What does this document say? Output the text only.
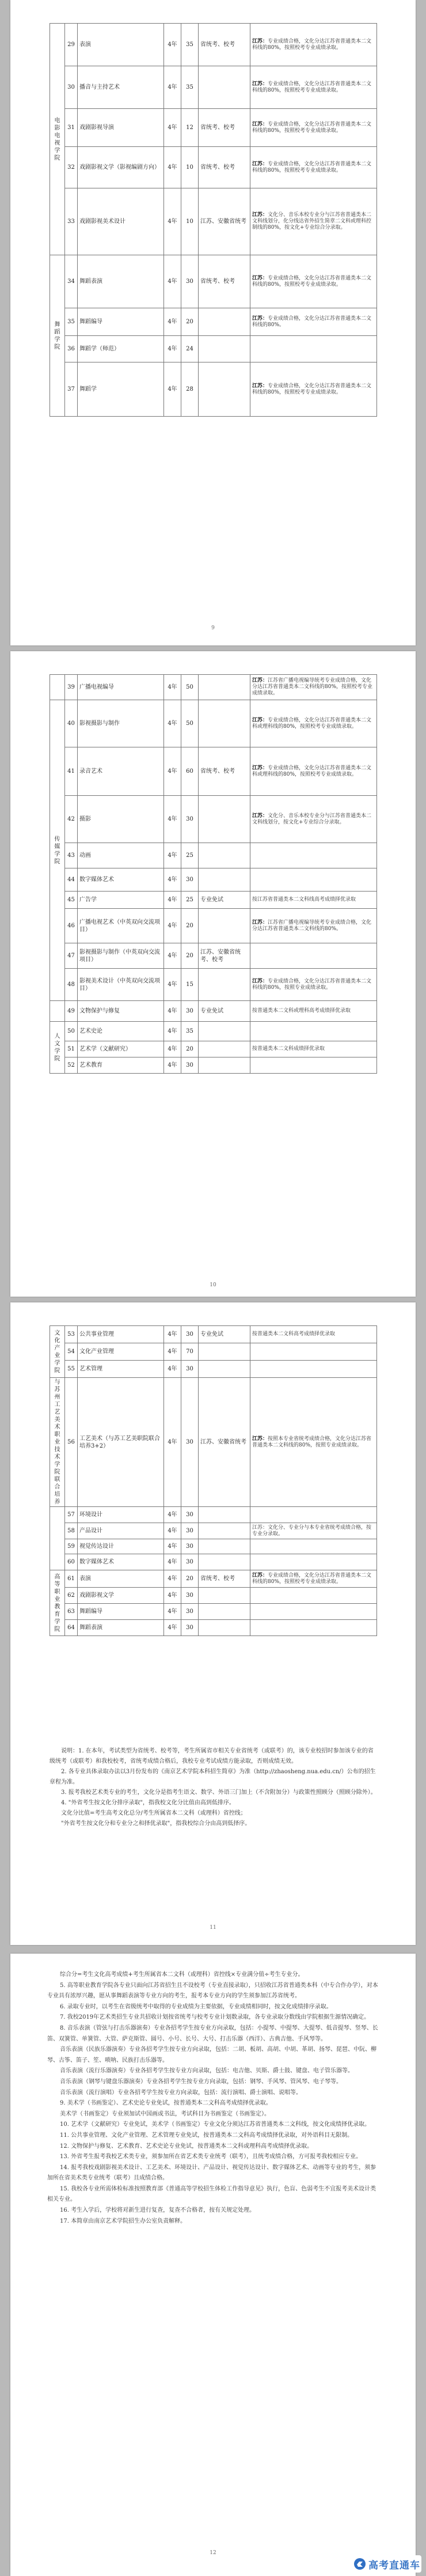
电影电视学院	29	表演	4年	35	省统考、校考	江苏：专业成绩合格，文化分达江苏省普通类本二文科线的80%，按照校考专业成绩录取。
	30	播音与主持艺术	4年	35		江苏：专业成绩合格，文化分达江苏省普通类本二文科线的80%，按照校考专业成绩录取。
	31	戏剧影视导演	4年	12	省统考、校考	江苏：专业成绩合格，文化分达江苏省普通类本二文科线的80%，按照校考专业成绩录取。
	32	戏剧影视文学（影视编剧方向）	4年	10	省统考、校考	江苏：专业成绩合格，文化分达江苏省普通类本二文科线的80%，按照校考专业成绩录取。
	33	戏剧影视美术设计	4年	10	江苏、安徽省统考	江苏：文化分、音乐本校专业分与江苏省普通类本二文科线划分，化分线达省外招生简章二文科或理科控制线的80%，按文化+专业综合分录取。
舞蹈学院	34	舞蹈表演	4年	30	省统考、校考	江苏：专业成绩合格，文化分达江苏省普通类本二文科线的80%，按照校考专业成绩录取。
	35	舞蹈编导	4年	20		江苏：专业成绩合格，文化分达江苏省普通类本二文科线的80%。
	36	舞蹈学（师范）	4年	24		
	37	舞蹈学	4年	28		江苏：专业成绩合格，文化分达江苏省普通类本二文科线的80%，按照校考专业成绩录取。
9
	39	广播电视编导	4年	50		江苏：江苏省广播电视编导统考专业成绩合格，文化分达江苏省普通类本二文科线的80%，按照校考专业成绩录取。
传媒学院	40	影视摄影与制作	4年	50		江苏：专业成绩合格，文化分达江苏省普通类本二文科或理科线的80%，按照校考专业成绩录取。
	41	录音艺术	4年	60	省统考、校考	江苏：专业成绩合格，文化分达江苏省普通类本二文科或理科线的80%，按照校考专业成绩录取。
	42	摄影	4年	30		江苏：文化分、音乐本校专业分与江苏省普通类本二文科线划分，按文化+专业综合分录取。
	43	动画	4年	25		
	44	数字媒体艺术	4年	30		
	45	广告学	4年	25	专业免试	按江苏省普通类本二文科线高考成绩择优录取
	46	广播电视艺术（中英双向交流项目）	4年	20		江苏：江苏省广播电视编导统考专业成绩合格，文化分达江苏省普通类本二文科线的80%。
	47	影视摄影与制作（中英双向交流项目）	4年	20	江苏、安徽省统考、校考	
	48	影视美术设计（中英双向交流项目）	4年	15		江苏：专业成绩合格，文化分达江苏省普通类本二文科线的80%，按照专业成绩录取。
	49	文物保护与修复	4年	30	专业免试	按普通类本二文科或理科高考成绩择优录取
人文学院	50	艺术史论	4年	35		
	51	艺术学（文献研究）	4年	20		按普通类本二文科成绩择优录取
	52	艺术教育	4年	30		
10
文化产业学院	53	公共事业管理	4年	30	专业免试	按普通类本二文科高考成绩择优录取
	54	文化产业管理	4年	70		
	55	艺术管理	4年	30		
与苏州工艺美术职业技术学院联合培养	56	工艺美术（与苏工艺美职院联合培养3+2）	4年	30	江苏、安徽省统考	江苏：按照本专业省统考成绩合格，文化分达江苏省普通类本二文科线的80%，按照专业成绩录取。
	57	环境设计	4年	30		
	58	产品设计	4年	30		江苏：文化分、专业分与本专业省统考成绩合格，按专业分录取。
	59	视觉传达设计	4年	30		
	60	数字媒体艺术	4年	30		
高等职业教育学院	61	表演	4年	20	省统考、校考	江苏：专业成绩合格，文化分达江苏省普通类本二文科线的80%，按照校考专业成绩录取。
	62	戏剧影视文学	4年	30		
	63	舞蹈编导	4年	30		
	64	舞蹈表演	4年	30		

说明：1. 在本年，考试类型为省统考、校考等，考生所属省市相关专业省统考（或联考）的，该专业校招时参加该专业的省级统考（或联考）和我校校考，省统考成绩合格后，我校专业考试成绩方能录取，否则成绩无效。

2. 各专业具体录取办法以3月份发布的《南京艺术学院本科招生简章》为准（http://zhaosheng.nua.edu.cn/）公布的招生章程为准。

3. 报考我校艺术类专业的考生，文化分是指考生语文、数学、外语三门加上（不含附加分）与政策性照顾分（照顾分除外）。

4. "外省考生按文化分排序录取"，指我校文化分比值由高到低排序。

文化分比值=考生高考文化总分/考生所属省本二文科（或理科）省控线；

"外省考生按文化分和专业分之和择优录取"，指我校综合分由高到低择序。

11

综合分=考生文化高考成绩+考生所属省本二文科（或理科）省控线×专业满分值÷考生专业分。

5. 高等职业教育学院各专业只面向江苏省招生且不设校考（专业直接录取），只招收江苏省普通类本科（中专合作办学），对本专业具有浓厚兴趣，愿从事舞蹈表演等专业方向的考生，报考本专业方向的学生须参加江苏省统考。

6. 录取专业时，以考生在省级统考中取得的专业成绩为主要依据，专业成绩相同时，按文化成绩排序录取。

7. 我校2019年艺术类招生专业共招收计划按省统考与校考专业计划数录取，各专业录取分数线由学院根据生源情况确定。

8. 音乐表演（管弦与打击乐器演奏）专业各招考学生按专业方向录取，包括：小提琴、中提琴、大提琴、低音提琴、竖琴、长笛、双簧管、单簧管、大管、萨克斯管、圆号、小号、长号、大号、打击乐器（西洋）、古典吉他、手风琴等。

音乐表演（民族乐器演奏）专业各招考学生按专业方向录取，包括：二胡、板胡、高胡、中胡、革胡、扬琴、琵琶、中阮、柳琴、古筝、笛子、笙、唢呐、民族打击乐器等。

音乐表演（流行乐器演奏）专业各招考学生按专业方向录取，包括：电吉他、贝斯、爵士鼓、键盘、电子管乐器等。

音乐表演（钢琴与键盘乐器演奏）专业各招考学生按专业方向录取，包括：钢琴、手风琴、管风琴、电子琴等。

音乐表演（流行演唱）专业各招考学生按专业方向录取，包括：流行演唱、爵士演唱、说唱等。

9. 美术学（书画鉴定）、艺术史论专业免试，按普通类本二文科高考成绩择优录取。

美术学（书画鉴定）专业须加试中国画或书法，考试科目为书画鉴定（书画鉴定）。

10. 艺术学（文献研究）专业免试，美术学（书画鉴定）专业文化分须达江苏省普通类本二文科线，按文化成绩择优录取。

11. 公共事业管理、文化产业管理、艺术管理专业免试，按普通类本二文科高考成绩择优录取，对外语科目无限制。

12. 文物保护与修复、艺术教育、艺术史论专业免试，按普通类本二文科或理科高考成绩择优录取。

13. 外省考生报考我校艺术类专业，须参加所在省艺术类专业统考（联考），且统考成绩合格，方可报考我校相应专业。

14. 报考我校戏剧影视美术设计、工艺美术、环境设计、产品设计、视觉传达设计、数字媒体艺术、动画等专业的考生，须参加所在省美术类专业统考（联考）且成绩合格。

15. 我校各专业所需体检标准按照教育部《普通高等学校招生体检工作指导意见》执行，色盲、色弱考生不宜报考美术设计类相关专业。

16. 考生入学后，学校将对新生进行复查，复查不合格者，按有关规定处理。

17. 本简章由南京艺术学院招生办公室负责解释。

12
高考直通车
